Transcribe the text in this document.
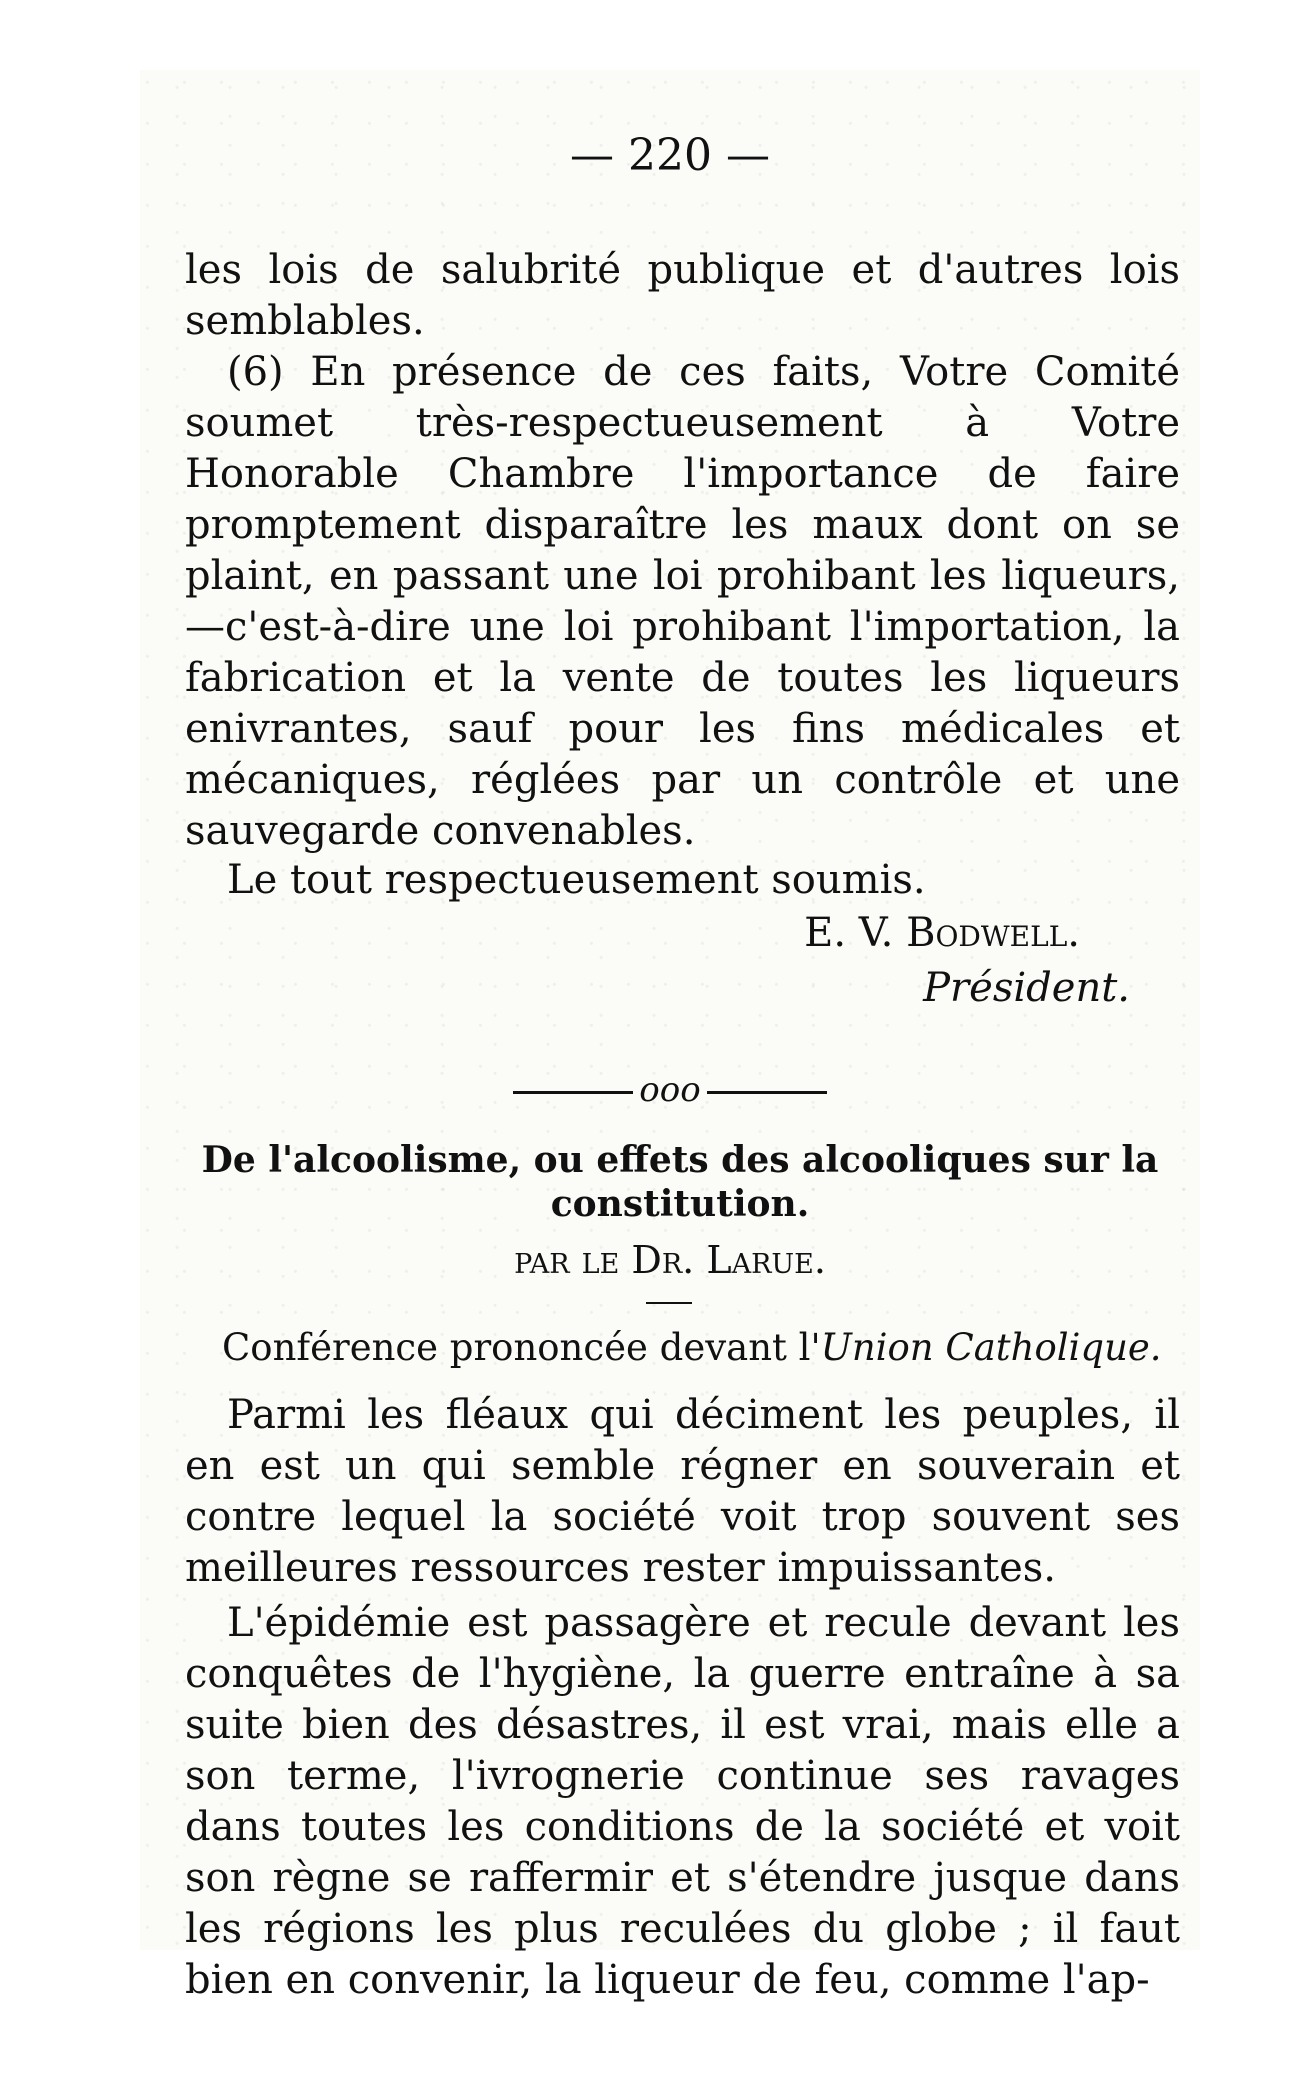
— 220 —

les lois de salubrité publique et d'autres lois semblables.

(6) En présence de ces faits, Votre Comité soumet très-respectueusement à Votre Honorable Chambre l'importance de faire promptement disparaître les maux dont on se plaint, en passant une loi prohibant les liqueurs,—c'est-à-dire une loi prohibant l'importation, la fabrication et la vente de toutes les liqueurs enivrantes, sauf pour les fins médicales et mécaniques, réglées par un contrôle et une sauvegarde convenables.

Le tout respectueusement soumis.

E. V. Bodwell.

Président.

ooo

De l'alcoolisme, ou effets des alcooliques sur la constitution.

par le Dr. Larue.

Conférence prononcée devant l'Union Catholique.

Parmi les fléaux qui déciment les peuples, il en est un qui semble régner en souverain et contre lequel la société voit trop souvent ses meilleures ressources rester impuissantes.

L'épidémie est passagère et recule devant les conquêtes de l'hygiène, la guerre entraîne à sa suite bien des désastres, il est vrai, mais elle a son terme, l'ivrognerie continue ses ravages dans toutes les conditions de la société et voit son règne se raffermir et s'étendre jusque dans les régions les plus reculées du globe ; il faut bien en convenir, la liqueur de feu, comme l'ap-
